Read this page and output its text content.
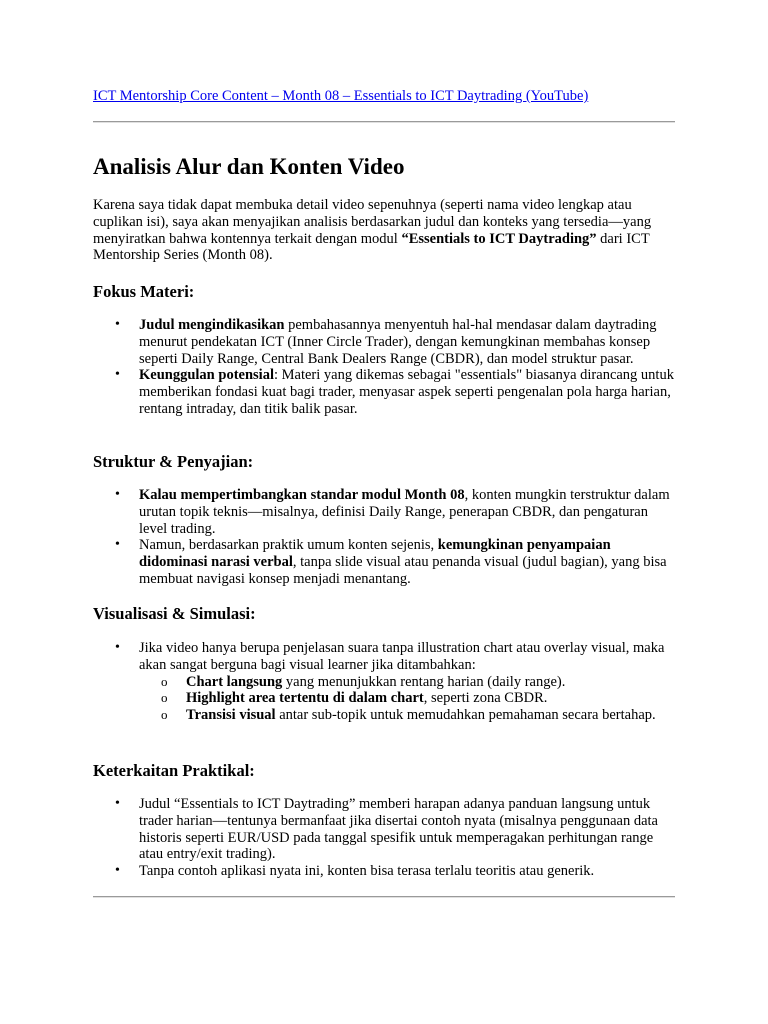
ICT Mentorship Core Content – Month 08 – Essentials to ICT Daytrading (YouTube)
Analisis Alur dan Konten Video

Karena saya tidak dapat membuka detail video sepenuhnya (seperti nama video lengkap atau cuplikan isi), saya akan menyajikan analisis berdasarkan judul dan konteks yang tersedia—yang menyiratkan bahwa kontennya terkait dengan modul “Essentials to ICT Daytrading” dari ICT Mentorship Series (Month 08).

Fokus Materi:
• Judul mengindikasikan pembahasannya menyentuh hal-hal mendasar dalam daytrading menurut pendekatan ICT (Inner Circle Trader), dengan kemungkinan membahas konsep seperti Daily Range, Central Bank Dealers Range (CBDR), dan model struktur pasar.
• Keunggulan potensial: Materi yang dikemas sebagai "essentials" biasanya dirancang untuk memberikan fondasi kuat bagi trader, menyasar aspek seperti pengenalan pola harga harian, rentang intraday, dan titik balik pasar.
Struktur & Penyajian:
• Kalau mempertimbangkan standar modul Month 08, konten mungkin terstruktur dalam urutan topik teknis—misalnya, definisi Daily Range, penerapan CBDR, dan pengaturan level trading.
• Namun, berdasarkan praktik umum konten sejenis, kemungkinan penyampaian didominasi narasi verbal, tanpa slide visual atau penanda visual (judul bagian), yang bisa membuat navigasi konsep menjadi menantang.
Visualisasi & Simulasi:
• Jika video hanya berupa penjelasan suara tanpa illustration chart atau overlay visual, maka akan sangat berguna bagi visual learner jika ditambahkan:
o Chart langsung yang menunjukkan rentang harian (daily range).
o Highlight area tertentu di dalam chart, seperti zona CBDR.
o Transisi visual antar sub-topik untuk memudahkan pemahaman secara bertahap.
Keterkaitan Praktikal:
• Judul “Essentials to ICT Daytrading” memberi harapan adanya panduan langsung untuk trader harian—tentunya bermanfaat jika disertai contoh nyata (misalnya penggunaan data historis seperti EUR/USD pada tanggal spesifik untuk memperagakan perhitungan range atau entry/exit trading).
• Tanpa contoh aplikasi nyata ini, konten bisa terasa terlalu teoritis atau generik.
